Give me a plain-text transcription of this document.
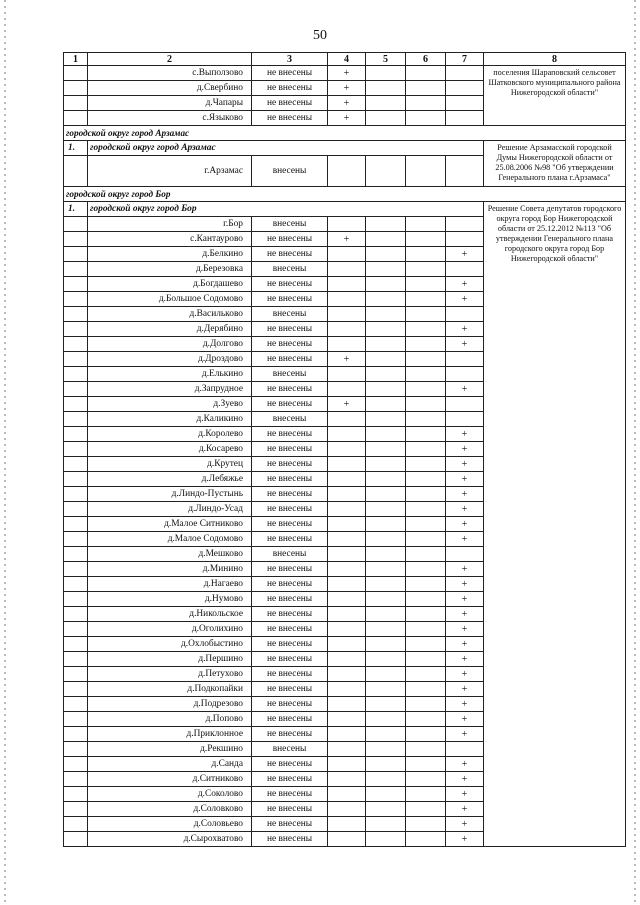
50
1	2	3	4	5	6	7	8
	с.Выползово	не внесены	+				поселения Шараповский сельсовет Шатковского муниципального района Нижегородской области"
	д.Свербино	не внесены	+				
	д.Чапары	не внесены	+				
	с.Языково	не внесены	+				
городской округ город Арзамас							
1.	городской округ город Арзамас						Решение Арзамасской городской Думы Нижегородской области от 25.08.2006 №98 "Об утверждении Генерального плана г.Арзамаса"
	г.Арзамас	внесены					
городской округ город Бор							
1.	городской округ город Бор						Решение Совета депутатов городского округа город Бор Нижегородской области от 25.12.2012 №113 "Об утверждении Генерального плана городского округа город Бор Нижегородской области"
	г.Бор	внесены					
	с.Кантаурово	не внесены	+				
	д.Белкино	не внесены				+	
	д.Березовка	внесены					
	д.Богдашево	не внесены				+	
	д.Большое Содомово	не внесены				+	
	д.Васильково	внесены					
	д.Дерябино	не внесены				+	
	д.Долгово	не внесены				+	
	д.Дроздово	не внесены	+				
	д.Елькино	внесены					
	д.Запрудное	не внесены				+	
	д.Зуево	не внесены	+				
	д.Каликино	внесены					
	д.Королево	не внесены				+	
	д.Косарево	не внесены				+	
	д.Крутец	не внесены				+	
	д.Лебяжье	не внесены				+	
	д.Линдо-Пустынь	не внесены				+	
	д.Линдо-Усад	не внесены				+	
	д.Малое Ситниково	не внесены				+	
	д.Малое Содомово	не внесены				+	
	д.Мешково	внесены					
	д.Минино	не внесены				+	
	д.Нагаево	не внесены				+	
	д.Нумово	не внесены				+	
	д.Никольское	не внесены				+	
	д.Оголихино	не внесены				+	
	д.Охлобыстино	не внесены				+	
	д.Першино	не внесены				+	
	д.Петухово	не внесены				+	
	д.Подкопайки	не внесены				+	
	д.Подрезово	не внесены				+	
	д.Попово	не внесены				+	
	д.Приклонное	не внесены				+	
	д.Рекшино	внесены					
	д.Санда	не внесены				+	
	д.Ситниково	не внесены				+	
	д.Соколово	не внесены				+	
	д.Соловково	не внесены				+	
	д.Соловьево	не внесены				+	
	д.Сырохватово	не внесены				+	
